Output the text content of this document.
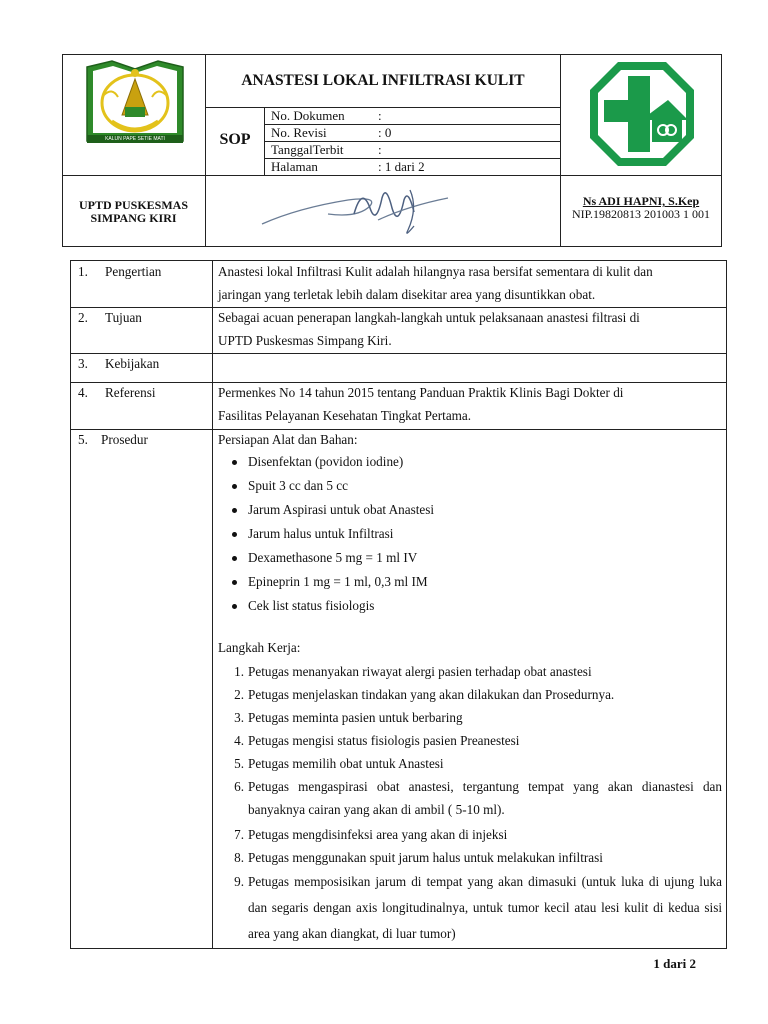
KALUN PAPE SETIE MATI
ANASTESI LOKAL INFILTRASI KULIT
SOP
No. Dokumen	:
No. Revisi	: 0
TanggalTerbit	:
Halaman	: 1 dari 2
UPTD PUSKESMAS
SIMPANG KIRI
Ns ADI HAPNI, S.Kep
NIP.19820813 201003 1 001
1. Pengertian	Anastesi lokal Infiltrasi Kulit adalah hilangnya rasa bersifat sementara di kulit dan
jaringan yang terletak lebih dalam disekitar area yang disuntikkan obat.
2. Tujuan	Sebagai acuan penerapan langkah-langkah untuk pelaksanaan anastesi filtrasi di
UPTD Puskesmas Simpang Kiri.
3. Kebijakan
4. Referensi	Permenkes No 14 tahun 2015 tentang Panduan Praktik Klinis Bagi Dokter di
Fasilitas Pelayanan Kesehatan Tingkat Pertama.
5. Prosedur	Persiapan Alat dan Bahan:
Disenfektan (povidon iodine)
Spuit 3 cc dan 5 cc
Jarum Aspirasi untuk obat Anastesi
Jarum halus untuk Infiltrasi
Dexamethasone 5 mg = 1 ml IV
Epineprin 1 mg = 1 ml, 0,3 ml IM
Cek list status fisiologis
Langkah Kerja:
1. Petugas menanyakan riwayat alergi pasien terhadap obat anastesi
2. Petugas menjelaskan tindakan yang akan dilakukan dan Prosedurnya.
3. Petugas meminta pasien untuk berbaring
4. Petugas mengisi status fisiologis pasien Preanestesi
5. Petugas memilih obat untuk Anastesi
6. Petugas mengaspirasi obat anastesi, tergantung tempat yang akan dianastesi dan banyaknya cairan yang akan di ambil ( 5-10 ml).
7. Petugas mengdisinfeksi area yang akan di injeksi
8. Petugas menggunakan spuit jarum halus untuk melakukan infiltrasi
9. Petugas memposisikan jarum di tempat yang akan dimasuki (untuk luka di ujung luka dan segaris dengan axis longitudinalnya, untuk tumor kecil atau lesi kulit di kedua sisi area yang akan diangkat, di luar tumor)
1 dari 2
